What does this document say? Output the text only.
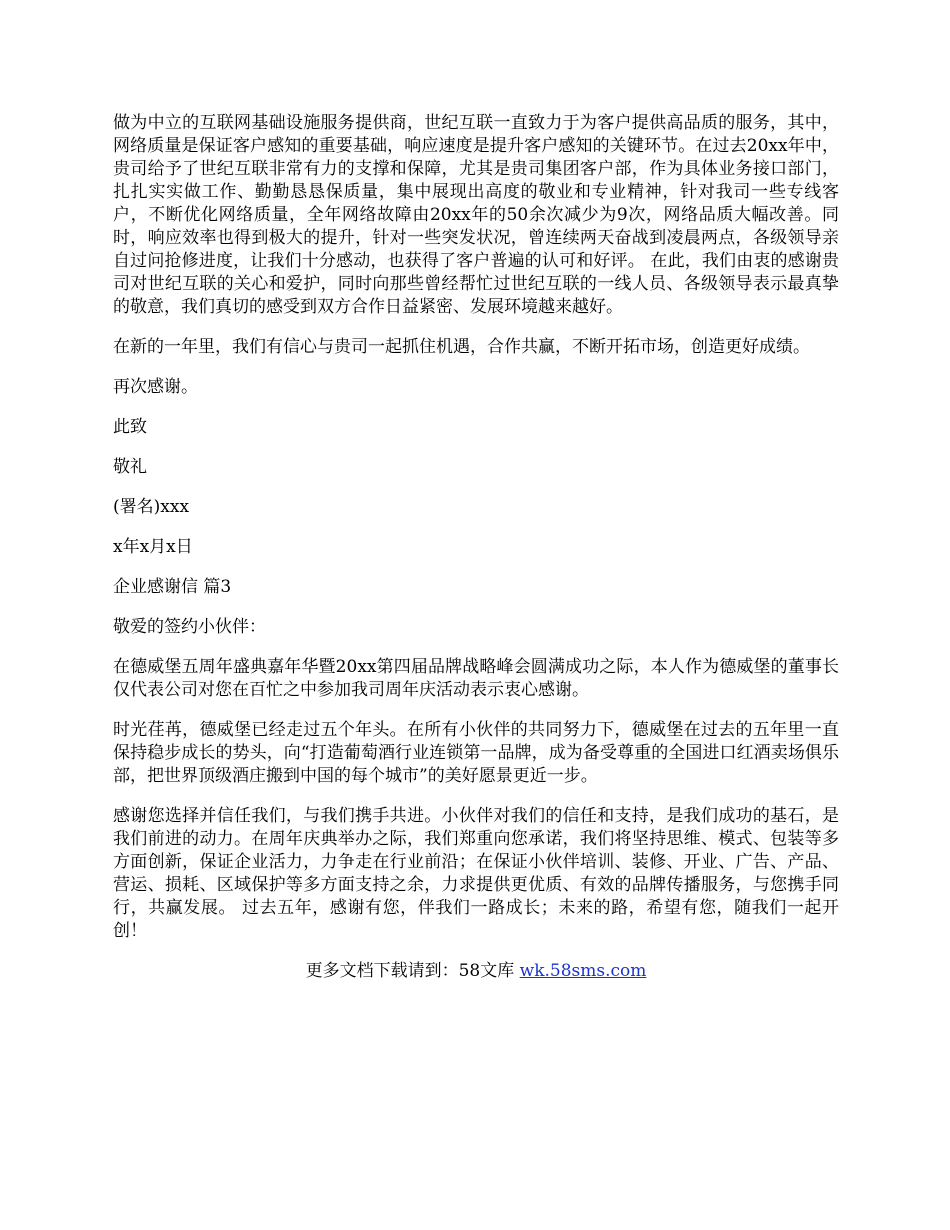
做为中立的互联网基础设施服务提供商，世纪互联一直致力于为客户提供高品质的服务，其中，网络质量是保证客户感知的重要基础，响应速度是提升客户感知的关键环节。在过去20xx年中，贵司给予了世纪互联非常有力的支撑和保障，尤其是贵司集团客户部，作为具体业务接口部门，扎扎实实做工作、勤勤恳恳保质量，集中展现出高度的敬业和专业精神，针对我司一些专线客户，不断优化网络质量，全年网络故障由20xx年的50余次减少为9次，网络品质大幅改善。同时，响应效率也得到极大的提升，针对一些突发状况，曾连续两天奋战到凌晨两点，各级领导亲自过问抢修进度，让我们十分感动，也获得了客户普遍的认可和好评。 在此，我们由衷的感谢贵司对世纪互联的关心和爱护，同时向那些曾经帮忙过世纪互联的一线人员、各级领导表示最真挚的敬意，我们真切的感受到双方合作日益紧密、发展环境越来越好。

在新的一年里，我们有信心与贵司一起抓住机遇，合作共赢，不断开拓市场，创造更好成绩。

再次感谢。

此致

敬礼

(署名)xxx

x年x月x日

企业感谢信 篇3

敬爱的签约小伙伴：

在德威堡五周年盛典嘉年华暨20xx第四届品牌战略峰会圆满成功之际，本人作为德威堡的董事长仅代表公司对您在百忙之中参加我司周年庆活动表示衷心感谢。

时光荏苒，德威堡已经走过五个年头。在所有小伙伴的共同努力下，德威堡在过去的五年里一直保持稳步成长的势头，向“打造葡萄酒行业连锁第一品牌，成为备受尊重的全国进口红酒卖场俱乐部，把世界顶级酒庄搬到中国的每个城市”的美好愿景更近一步。

感谢您选择并信任我们，与我们携手共进。小伙伴对我们的信任和支持，是我们成功的基石，是我们前进的动力。在周年庆典举办之际，我们郑重向您承诺，我们将坚持思维、模式、包装等多方面创新，保证企业活力，力争走在行业前沿；在保证小伙伴培训、装修、开业、广告、产品、营运、损耗、区域保护等多方面支持之余，力求提供更优质、有效的品牌传播服务，与您携手同行，共赢发展。 过去五年，感谢有您，伴我们一路成长；未来的路，希望有您，随我们一起开创！

更多文档下载请到：58文库 wk.58sms.com
